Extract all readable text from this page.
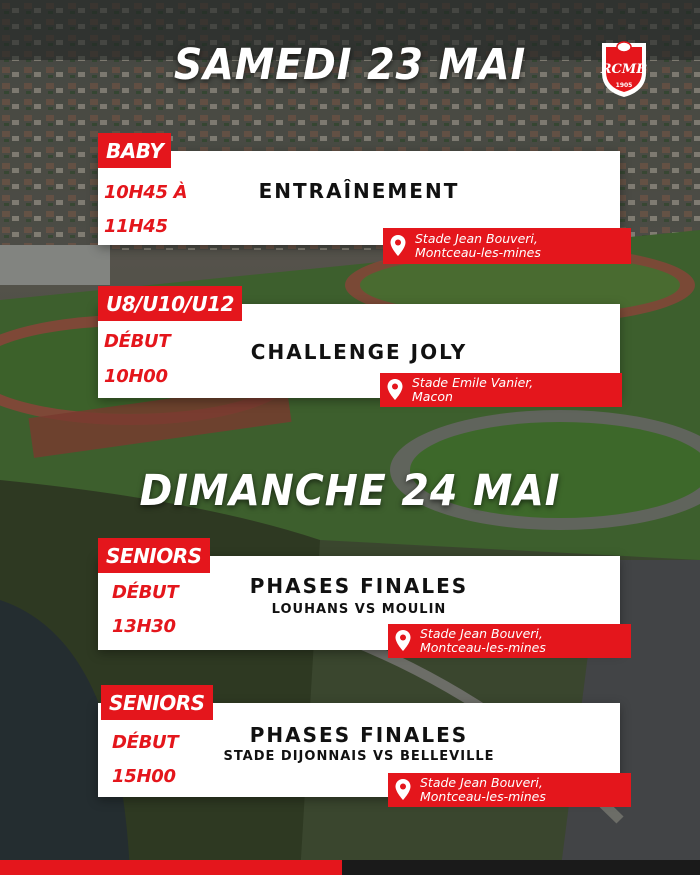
RCMB
1905
SAMEDI 23 MAI
DIMANCHE 24 MAI
ENTRAÎNEMENT
BABY
10H45 À
11H45
Stade Jean Bouveri,
Montceau-les-mines
CHALLENGE JOLY
U8/U10/U12
DÉBUT
10H00	Stade Emile Vanier,
Macon
PHASES FINALES
LOUHANS VS MOULIN
SENIORS
DÉBUT
13H30	Stade Jean Bouveri,
Montceau-les-mines
PHASES FINALES
STADE DIJONNAIS VS BELLEVILLE
SENIORS
DÉBUT
15H00	Stade Jean Bouveri,
Montceau-les-mines
